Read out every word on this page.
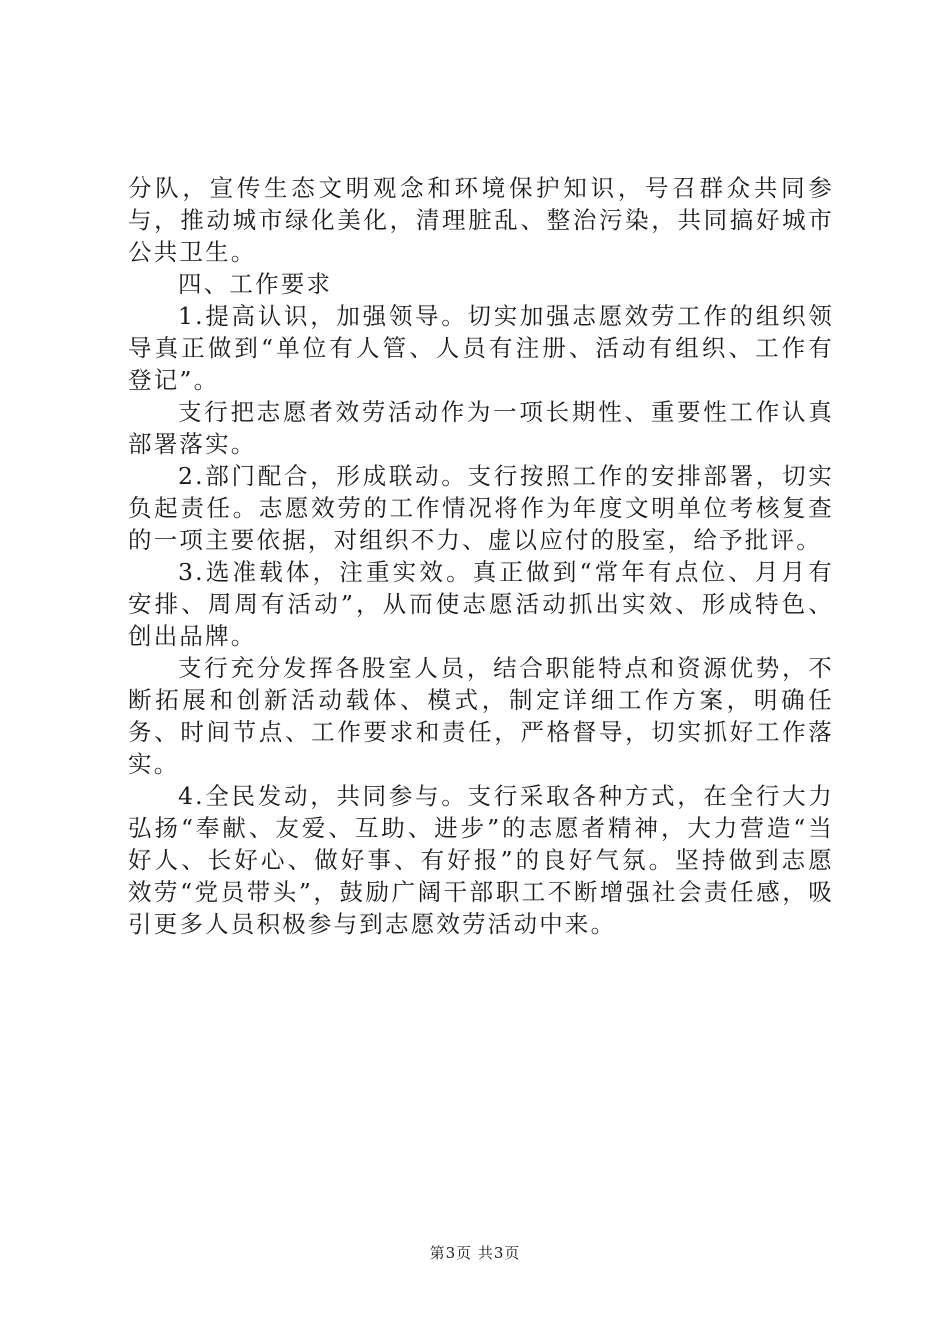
分队，宣传生态文明观念和环境保护知识，号召群众共同参与，推动城市绿化美化，清理脏乱、整治污染，共同搞好城市公共卫生。

四、工作要求

1.提高认识，加强领导。切实加强志愿效劳工作的组织领导真正做到“单位有人管、人员有注册、活动有组织、工作有登记”。

支行把志愿者效劳活动作为一项长期性、重要性工作认真部署落实。

2.部门配合，形成联动。支行按照工作的安排部署，切实负起责任。志愿效劳的工作情况将作为年度文明单位考核复查的一项主要依据，对组织不力、虚以应付的股室，给予批评。

3.选准载体，注重实效。真正做到“常年有点位、月月有安排、周周有活动”，从而使志愿活动抓出实效、形成特色、创出品牌。

支行充分发挥各股室人员，结合职能特点和资源优势，不断拓展和创新活动载体、模式，制定详细工作方案，明确任务、时间节点、工作要求和责任，严格督导，切实抓好工作落实。

4.全民发动，共同参与。支行采取各种方式，在全行大力弘扬“奉献、友爱、互助、进步”的志愿者精神，大力营造“当好人、长好心、做好事、有好报”的良好气氛。坚持做到志愿效劳“党员带头”，鼓励广阔干部职工不断增强社会责任感，吸引更多人员积极参与到志愿效劳活动中来。

第3页 共3页
